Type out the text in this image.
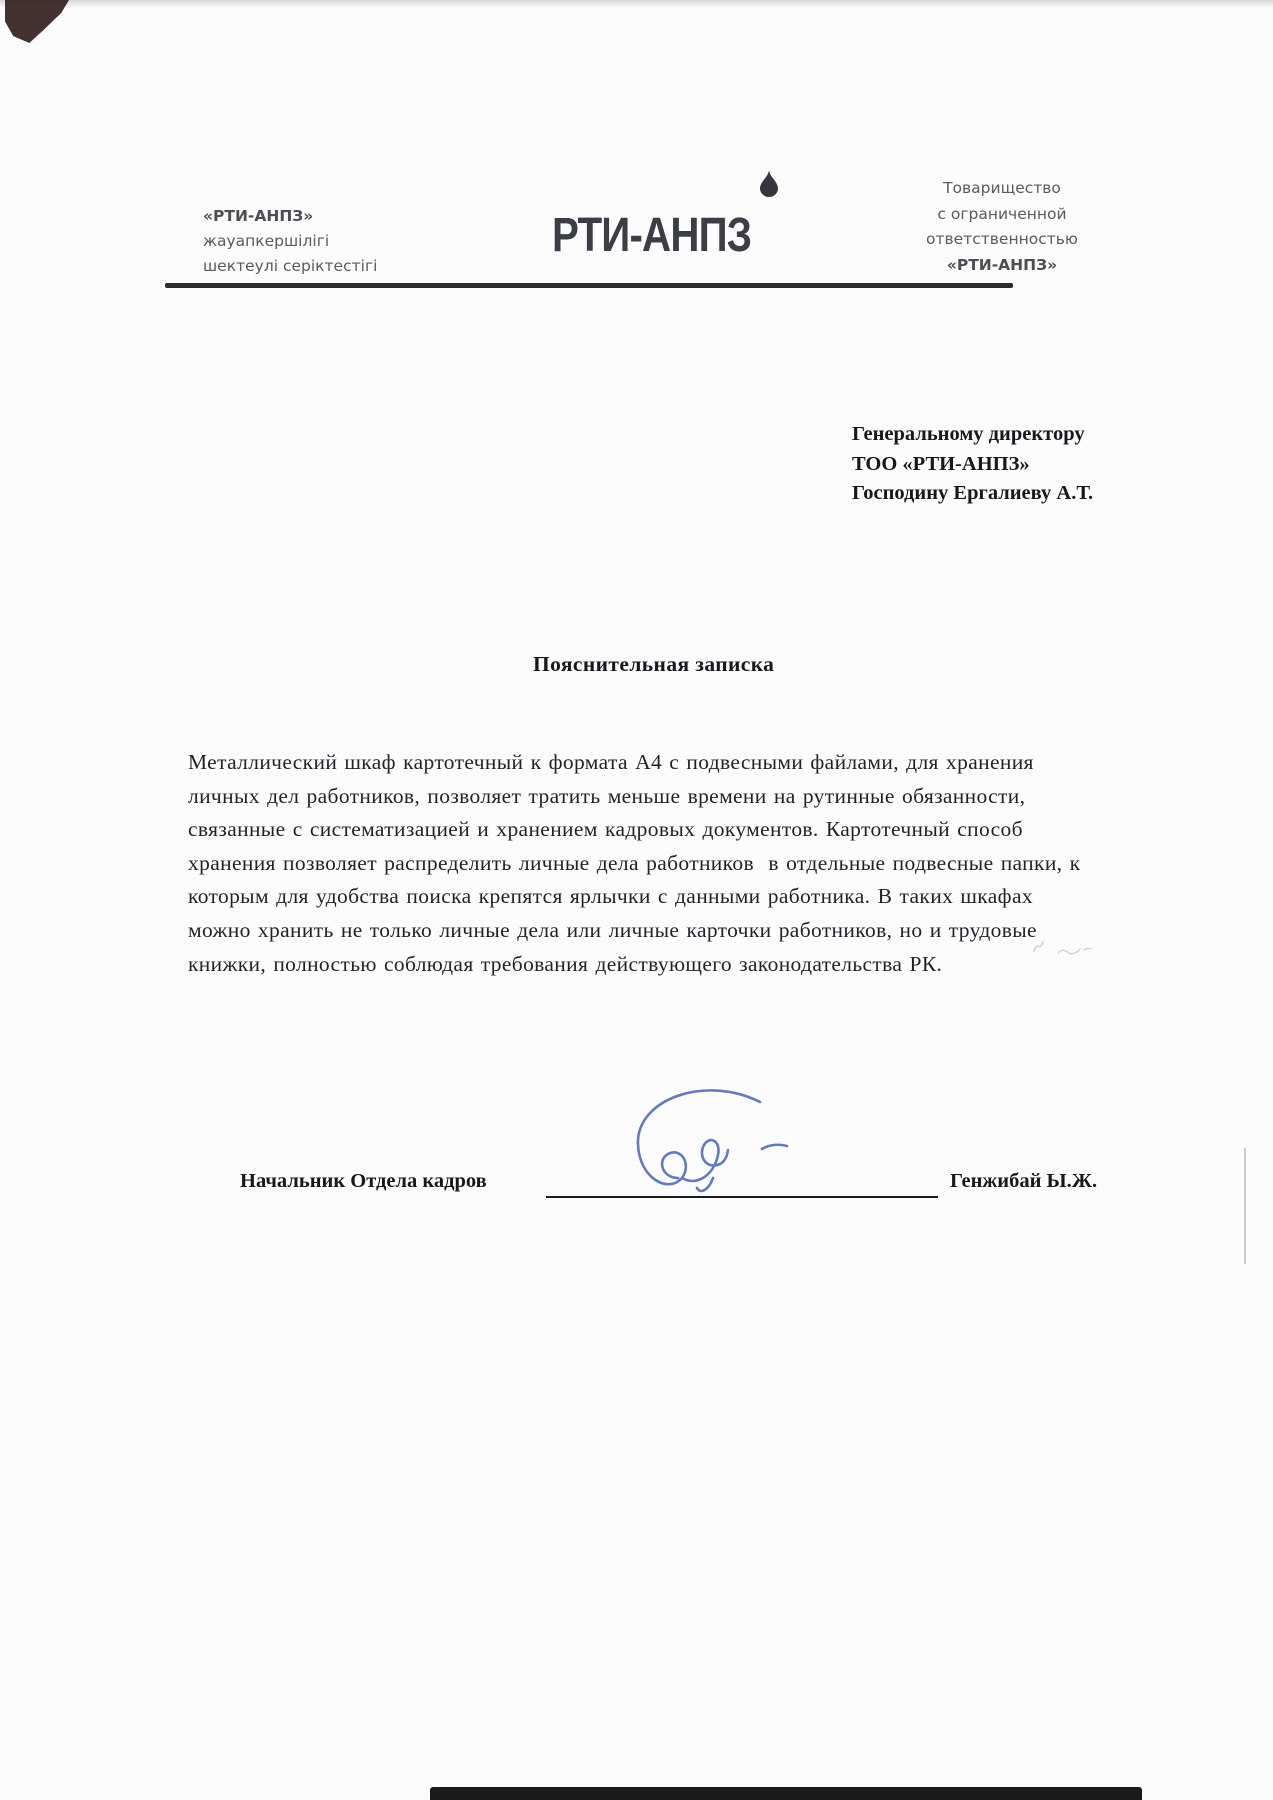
«РТИ-АНПЗ»
жауапкершілігі
шектеулі серіктестігі
РТИ-АНПЗ
Товарищество
с ограниченной
ответственностью
«РТИ-АНПЗ»
Генеральному директору
ТОО «РТИ-АНПЗ»
Господину Ергалиеву А.Т.
Пояснительная записка
Металлический шкаф картотечный к формата А4 с подвесными файлами, для хранения
личных дел работников, позволяет тратить меньше времени на рутинные обязанности,
связанные с систематизацией и хранением кадровых документов. Картотечный способ
хранения позволяет распределить личные дела работников  в отдельные подвесные папки, к
которым для удобства поиска крепятся ярлычки с данными работника. В таких шкафах
можно хранить не только личные дела или личные карточки работников, но и трудовые
книжки, полностью соблюдая требования действующего законодательства РК.
Начальник Отдела кадров	Генжибай Ы.Ж.
